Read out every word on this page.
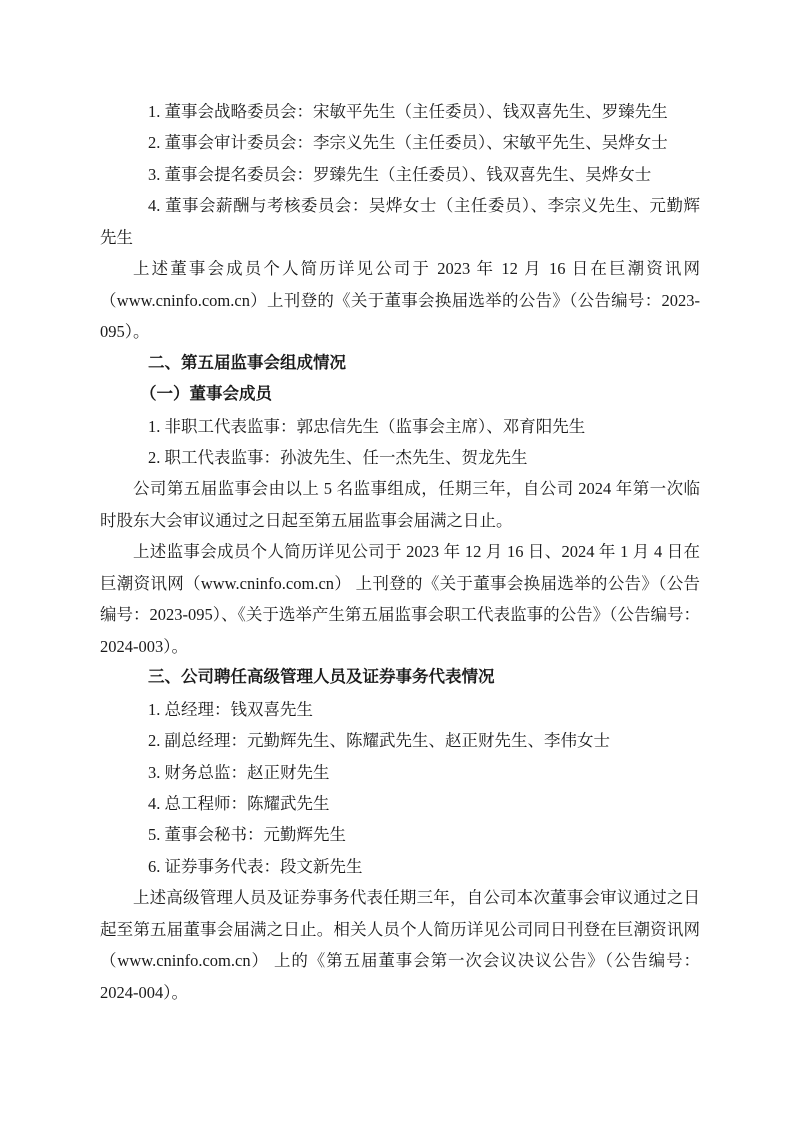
1. 董事会战略委员会：宋敏平先生（主任委员）、钱双喜先生、罗臻先生

2. 董事会审计委员会：李宗义先生（主任委员）、宋敏平先生、吴烨女士

3. 董事会提名委员会：罗臻先生（主任委员）、钱双喜先生、吴烨女士

4. 董事会薪酬与考核委员会：吴烨女士（主任委员）、李宗义先生、元勤辉先生

上述董事会成员个人简历详见公司于 2023 年 12 月 16 日在巨潮资讯网（www.cninfo.com.cn）上刊登的《关于董事会换届选举的公告》（公告编号：2023-095）。

二、第五届监事会组成情况

（一）董事会成员

1. 非职工代表监事：郭忠信先生（监事会主席）、邓育阳先生

2. 职工代表监事：孙波先生、任一杰先生、贺龙先生

公司第五届监事会由以上 5 名监事组成，任期三年，自公司 2024 年第一次临时股东大会审议通过之日起至第五届监事会届满之日止。

上述监事会成员个人简历详见公司于 2023 年 12 月 16 日、2024 年 1 月 4 日在巨潮资讯网（www.cninfo.com.cn） 上刊登的《关于董事会换届选举的公告》（公告编号：2023-095）、《关于选举产生第五届监事会职工代表监事的公告》（公告编号： 2024-003）。

三、公司聘任高级管理人员及证券事务代表情况

1. 总经理：钱双喜先生

2. 副总经理：元勤辉先生、陈耀武先生、赵正财先生、李伟女士

3. 财务总监：赵正财先生

4. 总工程师：陈耀武先生

5. 董事会秘书：元勤辉先生

6. 证券事务代表：段文新先生

上述高级管理人员及证券事务代表任期三年，自公司本次董事会审议通过之日起至第五届董事会届满之日止。相关人员个人简历详见公司同日刊登在巨潮资讯网（www.cninfo.com.cn） 上的《第五届董事会第一次会议决议公告》（公告编号： 2024-004）。
